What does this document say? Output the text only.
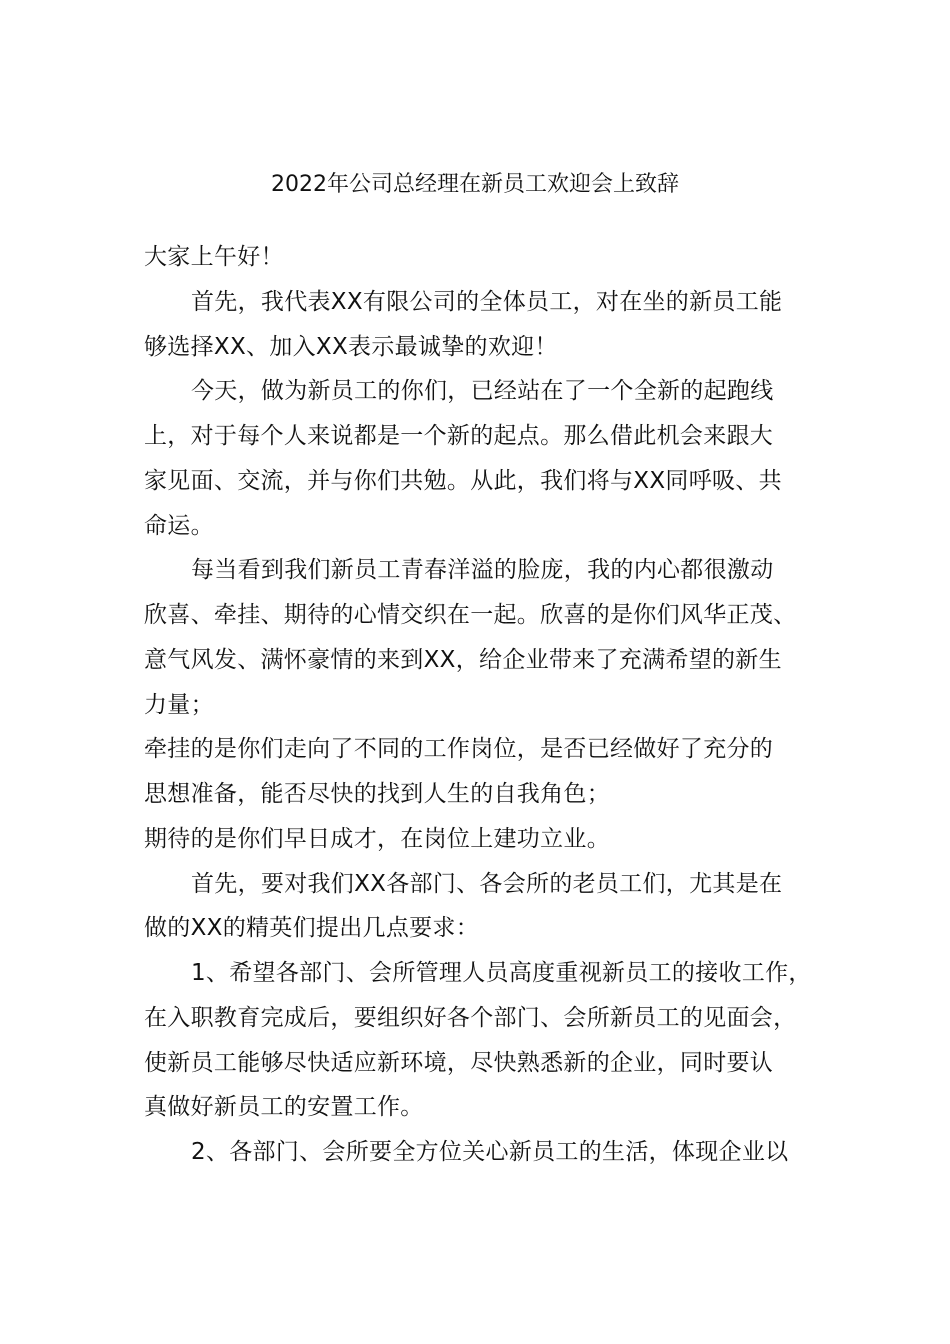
2022年公司总经理在新员工欢迎会上致辞
大家上午好！
首先，我代表XX有限公司的全体员工，对在坐的新员工能
够选择XX、加入XX表示最诚挚的欢迎！
今天，做为新员工的你们，已经站在了一个全新的起跑线
上，对于每个人来说都是一个新的起点。那么借此机会来跟大
家见面、交流，并与你们共勉。从此，我们将与XX同呼吸、共
命运。
每当看到我们新员工青春洋溢的脸庞，我的内心都很激动
欣喜、牵挂、期待的心情交织在一起。欣喜的是你们风华正茂、
意气风发、满怀豪情的来到XX，给企业带来了充满希望的新生
力量；
牵挂的是你们走向了不同的工作岗位，是否已经做好了充分的
思想准备，能否尽快的找到人生的自我角色；
期待的是你们早日成才，在岗位上建功立业。
首先，要对我们XX各部门、各会所的老员工们，尤其是在
做的XX的精英们提出几点要求：
1、希望各部门、会所管理人员高度重视新员工的接收工作，
在入职教育完成后，要组织好各个部门、会所新员工的见面会，
使新员工能够尽快适应新环境，尽快熟悉新的企业，同时要认
真做好新员工的安置工作。
2、各部门、会所要全方位关心新员工的生活，体现企业以
